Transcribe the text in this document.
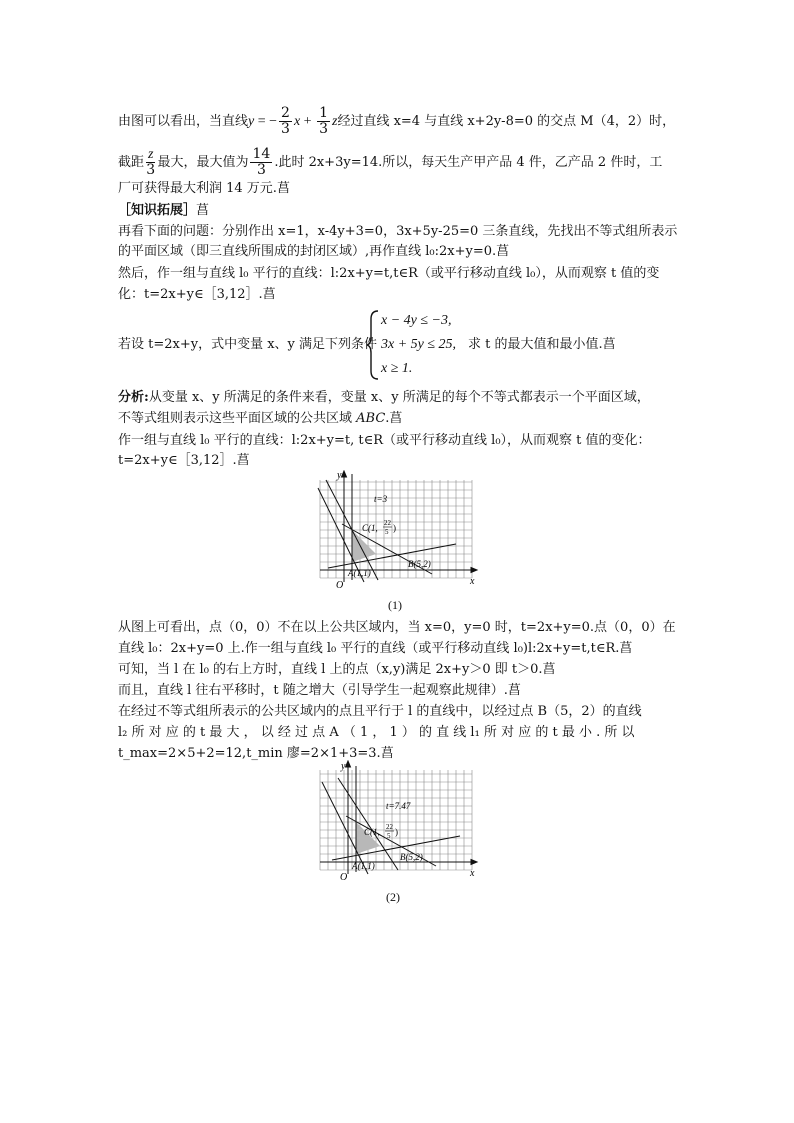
由图可以看出，当直线y = − $\frac{2}{3}$ $x + \frac{1}{3}$ z经过直线 x=4 与直线 x+2y-8=0 的交点 M（4，2）时，
截距 $\frac{z}{3}$ 最大，最大值为 $\frac{14}{3}$ .此时 2x+3y=14.所以，每天生产甲产品 4 件，乙产品 2 件时，工
厂可获得最大利润 14 万元.菖
［知识拓展］菖
再看下面的问题：分别作出 x=1，x-4y+3=0，3x+5y-25=0 三条直线，先找出不等式组所表示
的平面区域（即三直线所围成的封闭区域）,再作直线 l₀:2x+y=0.菖
然后，作一组与直线 l₀ 平行的直线：l:2x+y=t,t∈R（或平行移动直线 l₀），从而观察 t 值的变
化：t=2x+y∈［3,12］.菖
若设 t=2x+y，式中变量 x、y 满足下列条件
x − 4y ≤ −3,
3x + 5y ≤ 25,
x ≥ 1.
求 t 的最大值和最小值.菖
分析:从变量 x、y 所满足的条件来看，变量 x、y 所满足的每个不等式都表示一个平面区域，
不等式组则表示这些平面区域的公共区域 ABC.菖
作一组与直线 l₀ 平行的直线：l:2x+y=t, t∈R（或平行移动直线 l₀），从而观察 t 值的变化：
t=2x+y∈［3,12］.菖
y
x
O
t=3
C(1, 22
5 )
B(5,2)
A(1,1)
(1)
从图上可看出，点（0，0）不在以上公共区域内，当 x=0，y=0 时，t=2x+y=0.点（0，0）在
直线 l₀：2x+y=0 上.作一组与直线 l₀ 平行的直线（或平行移动直线 l₀)l:2x+y=t,t∈R.菖
可知，当 l 在 l₀ 的右上方时，直线 l 上的点（x,y)满足 2x+y＞0 即 t＞0.菖
而且，直线 l 往右平移时，t 随之增大（引导学生一起观察此规律）.菖
在经过不等式组所表示的公共区域内的点且平行于 l 的直线中，以经过点 B（5，2）的直线
l₂ 所 对 应 的 t 最 大 ， 以 经 过 点 A （ 1 ， 1 ） 的 直 线 l₁ 所 对 应 的 t 最 小 . 所 以
t_max=2×5+2=12,t_min 廖=2×1+3=3.菖
y
x
O
t=7.47
C(1, 22
5 )
B(5,2)
A(1,1)
(2)
